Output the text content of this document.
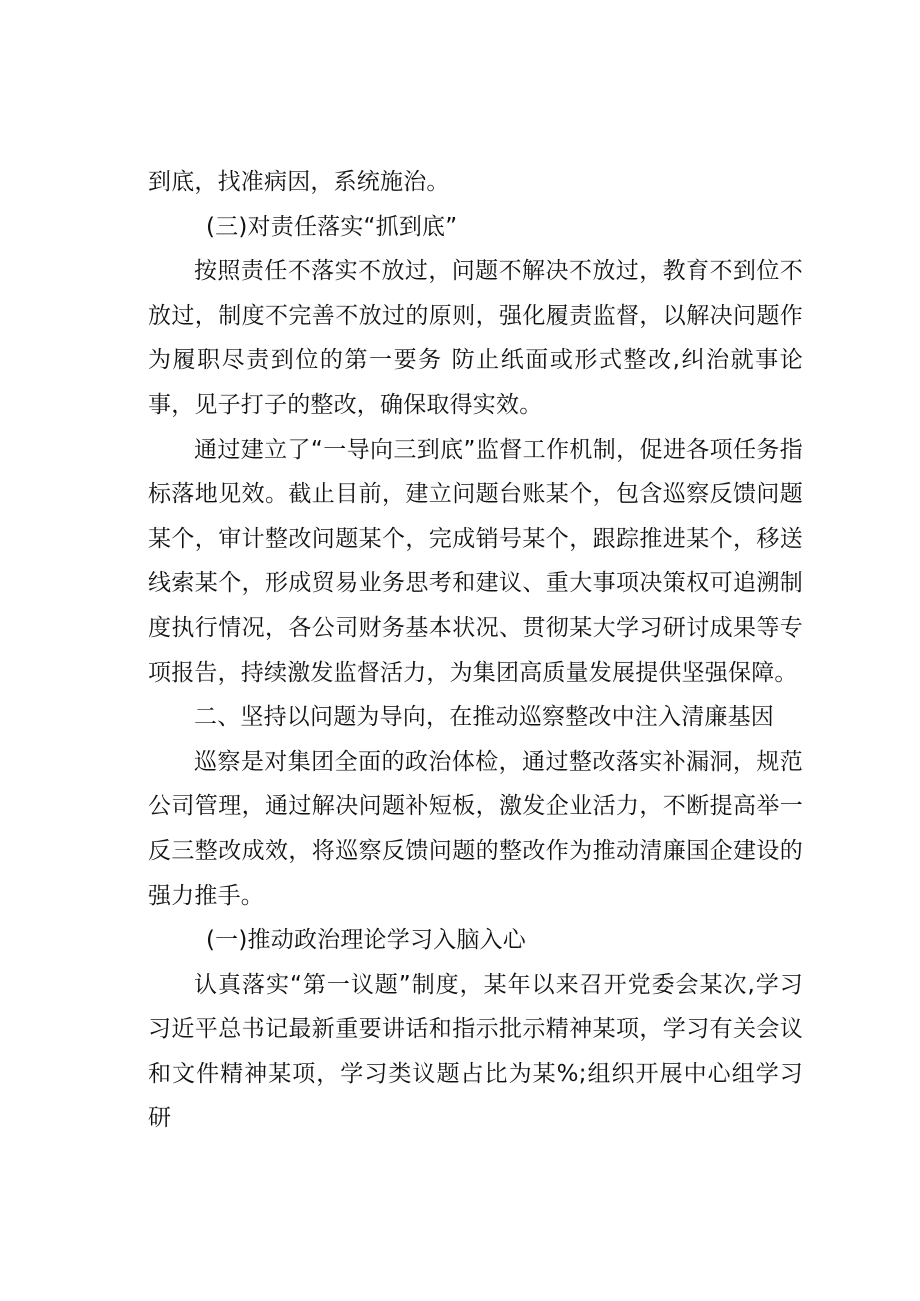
到底，找准病因，系统施治。

(三)对责任落实“抓到底”

按照责任不落实不放过，问题不解决不放过，教育不到位不放过，制度不完善不放过的原则，强化履责监督，以解决问题作为履职尽责到位的第一要务 防止纸面或形式整改,纠治就事论事，见子打子的整改，确保取得实效。

通过建立了“一导向三到底”监督工作机制，促进各项任务指标落地见效。截止目前，建立问题台账某个，包含巡察反馈问题某个，审计整改问题某个，完成销号某个，跟踪推进某个，移送线索某个，形成贸易业务思考和建议、重大事项决策权可追溯制度执行情况，各公司财务基本状况、贯彻某大学习研讨成果等专项报告，持续激发监督活力，为集团高质量发展提供坚强保障。

二、坚持以问题为导向，在推动巡察整改中注入清廉基因

巡察是对集团全面的政治体检，通过整改落实补漏洞，规范公司管理，通过解决问题补短板，激发企业活力，不断提高举一反三整改成效，将巡察反馈问题的整改作为推动清廉国企建设的强力推手。

(一)推动政治理论学习入脑入心

认真落实“第一议题”制度，某年以来召开党委会某次,学习习近平总书记最新重要讲话和指示批示精神某项，学习有关会议和文件精神某项，学习类议题占比为某%;组织开展中心组学习研
